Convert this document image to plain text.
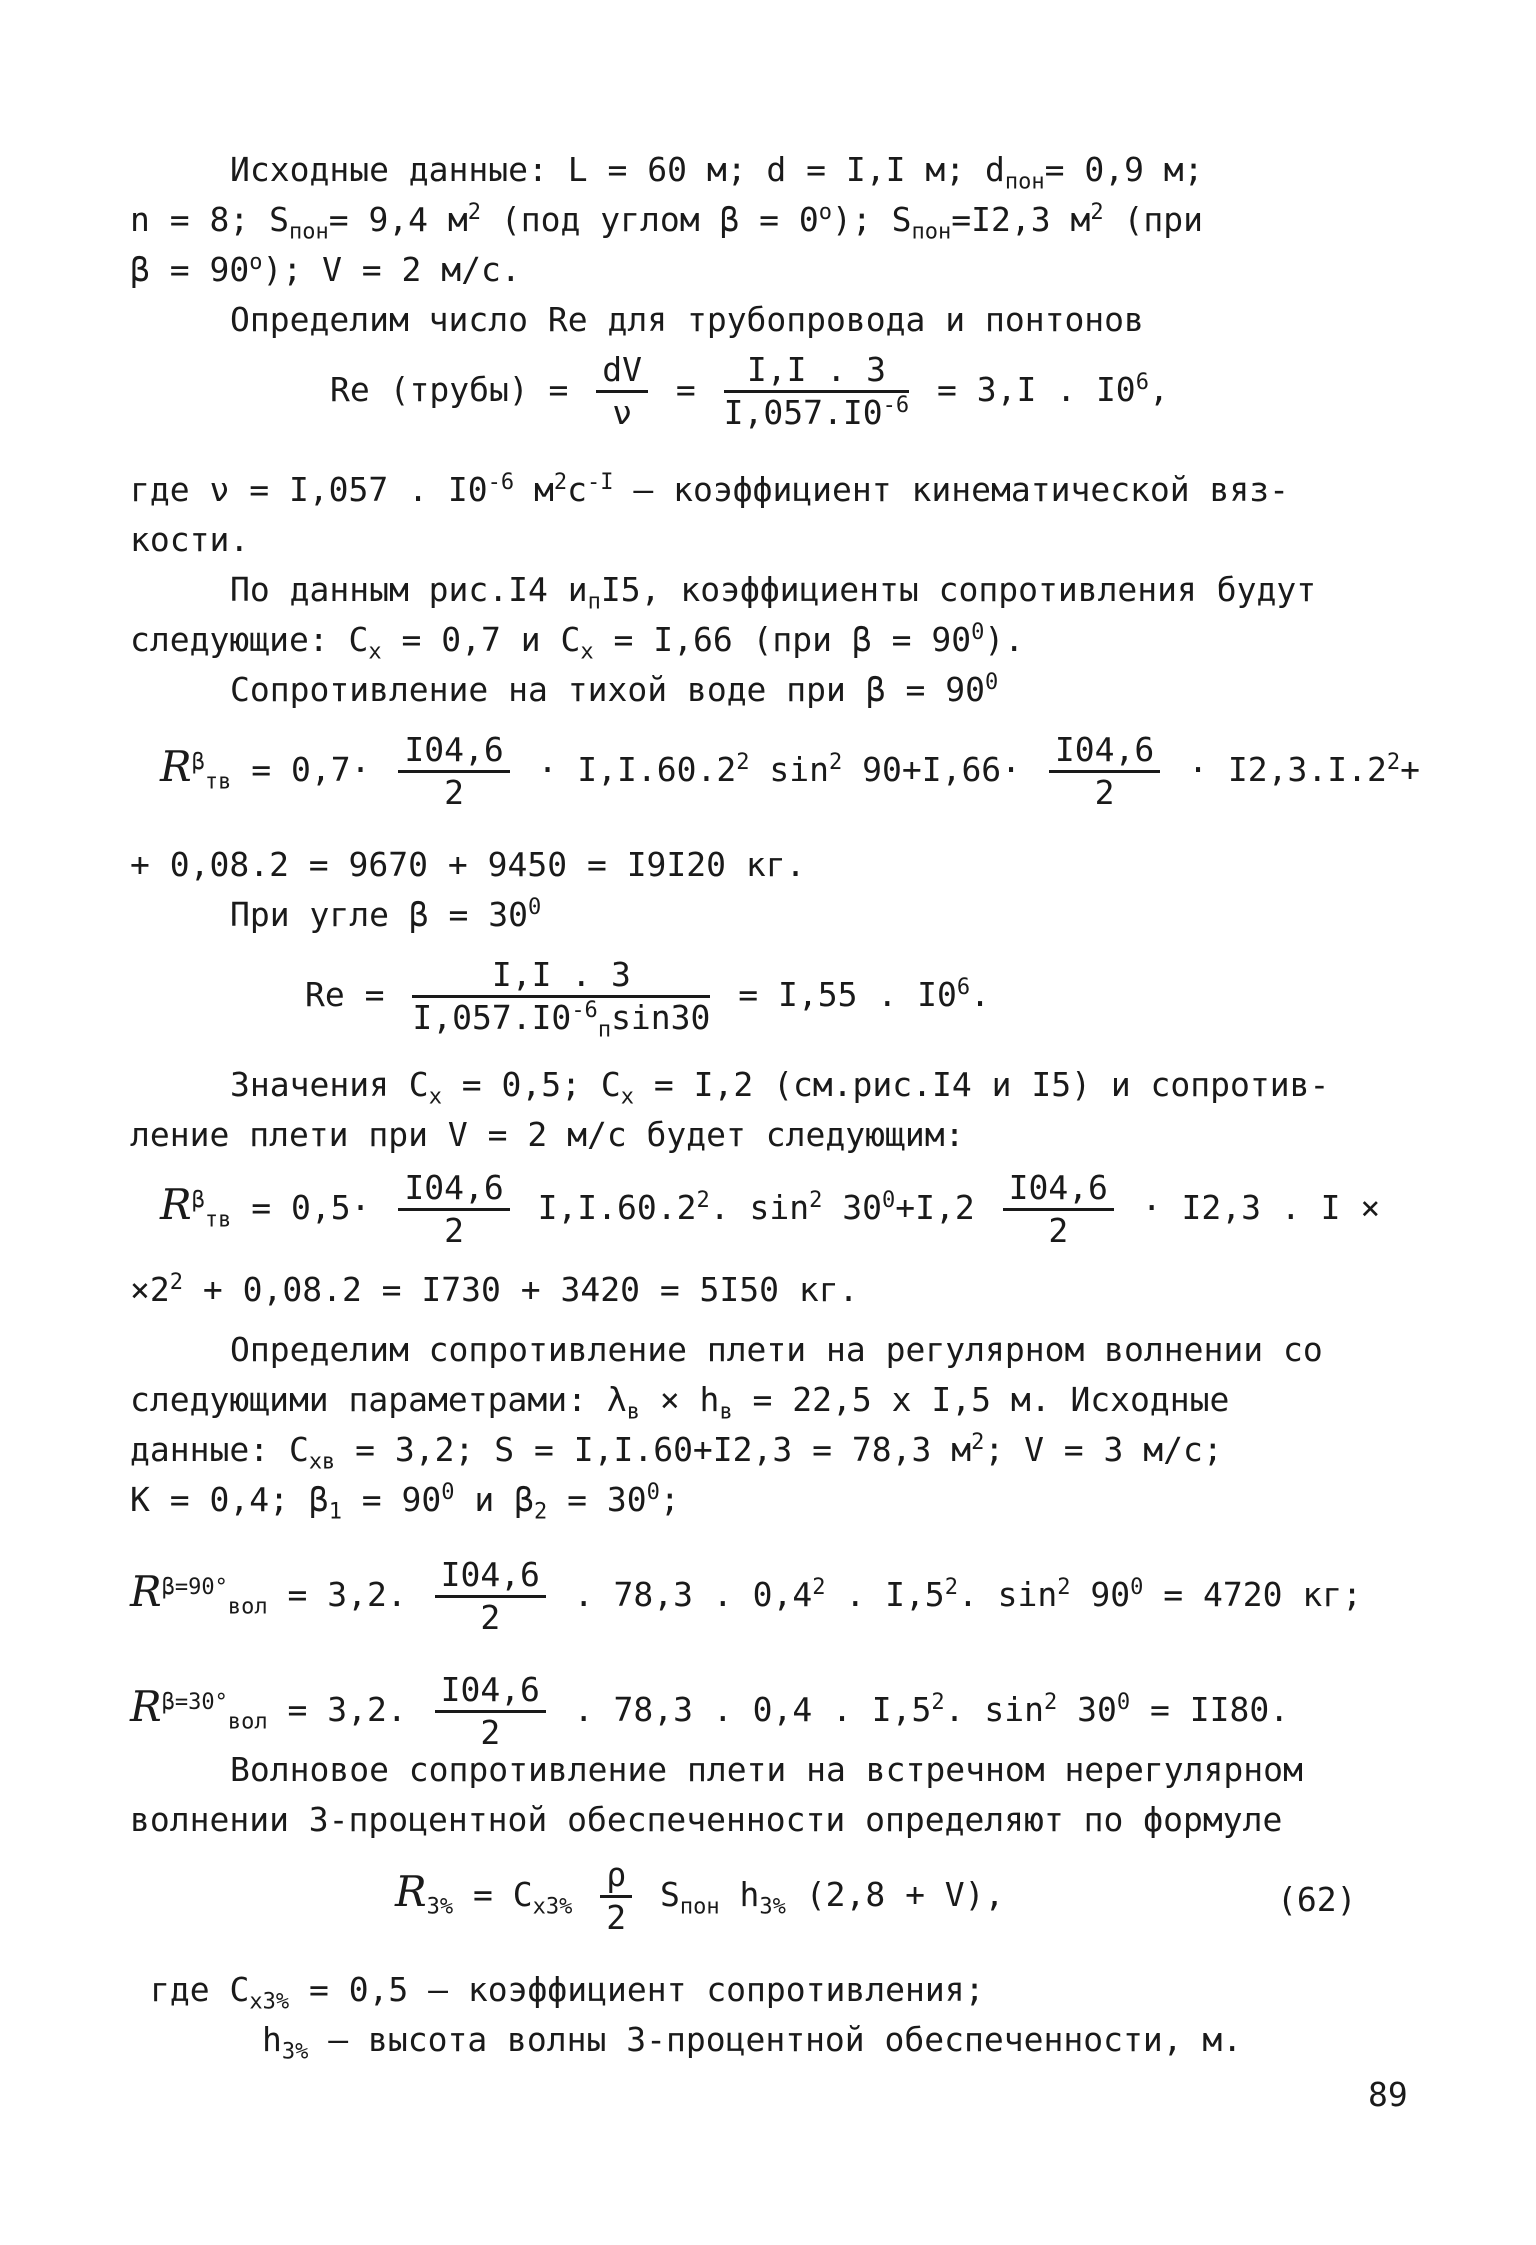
Исходные данные: L = 60 м; d = I,I м; $d_{пон}= 0,9$ м;
n = 8; $S_{пон}= 9,4$ $м^2$ (под углом $\beta = 0^o$); $S_{пон}=I2,3$ $м^2$ (при
$\beta = 90^o$); V = 2 м/с.
Определим число Re для трубопровода и понтонов
Re (трубы) = $\frac{dV}{\nu} = \frac{I,I . 3}{I,057.I0^{-6}} = 3,I$ . $I0^6$,
где ν = I,057 . $I0^{-6}$ $м^2с^{-I}$ – коэффициент кинематической вяз-
кости.
По данным рис.I4 $и_пI5$, коэффициенты сопротивления будут
следующие: $C_x = 0,7$ и $C_x = I,66$ (при $\beta = 90^0$).
Сопротивление на тихой воде при $\beta = 90^0$
$R^\beta_{тв} = 0,7\cdot \frac{I04,6}{2} \cdot I,I.60.2^2$ $\sin^2 90+I,66\cdot \frac{I04,6}{2} \cdot I2,3.I.2^2+$
+ 0,08.2 = 9670 + 9450 = I9I20 кг.
При угле $\beta = 30^0$
$Re = \frac{I,I . 3}{I,057.I0^{-6}_п\sin 30} = I,55$ . $I0^6$.
Значения $C_x = 0,5$; $C_x = I,2$ (см.рис.I4 и I5) и сопротив-
ление плети при V = 2 м/с будет следующим:
$R^\beta_{тв} = 0,5\cdot \frac{I04,6}{2} I,I.60.2^2$. $\sin^2 30^0+I,2 \frac{I04,6}{2} \cdot I2,3$ . I ×
$\times 2^2 + 0,08.2 = I730 + 3420 = 5I50$ кг.
Определим сопротивление плети на регулярном волнении со
следующими параметрами: $\lambda_в \times h_в = 22,5$ x I,5 м. Исходные
данные: $C_{xв} = 3,2$; S = I,I.60+I2,3 = 78,3 $м^2$; V = 3 м/с;
K = 0,4; $\beta_1 = 90^0$ и $\beta_2 = 30^0$;
$R^{\beta=90^\circ}_{вол} = 3,2$. $\frac{I04,6}{2}$ . 78,3 . $0,4^2$ . $I,5^2$. $\sin^2 90^0 = 4720$ кг;
$R^{\beta=30^\circ}_{вол} = 3,2$. $\frac{I04,6}{2}$ . 78,3 . 0,4 . $I,5^2$. $\sin^2 30^0 = II80$.
Волновое сопротивление плети на встречном нерегулярном
волнении 3-процентной обеспеченности определяют по формуле
$R_{3\%} = C_{x3\%} \frac{\rho}{2} S_{пон}$ $h_{3\%}$ (2,8 + V),	(62)
где $C_{x3\%} = 0,5$ – коэффициент сопротивления;
$h_{3\%}$ – высота волны 3-процентной обеспеченности, м.
89
